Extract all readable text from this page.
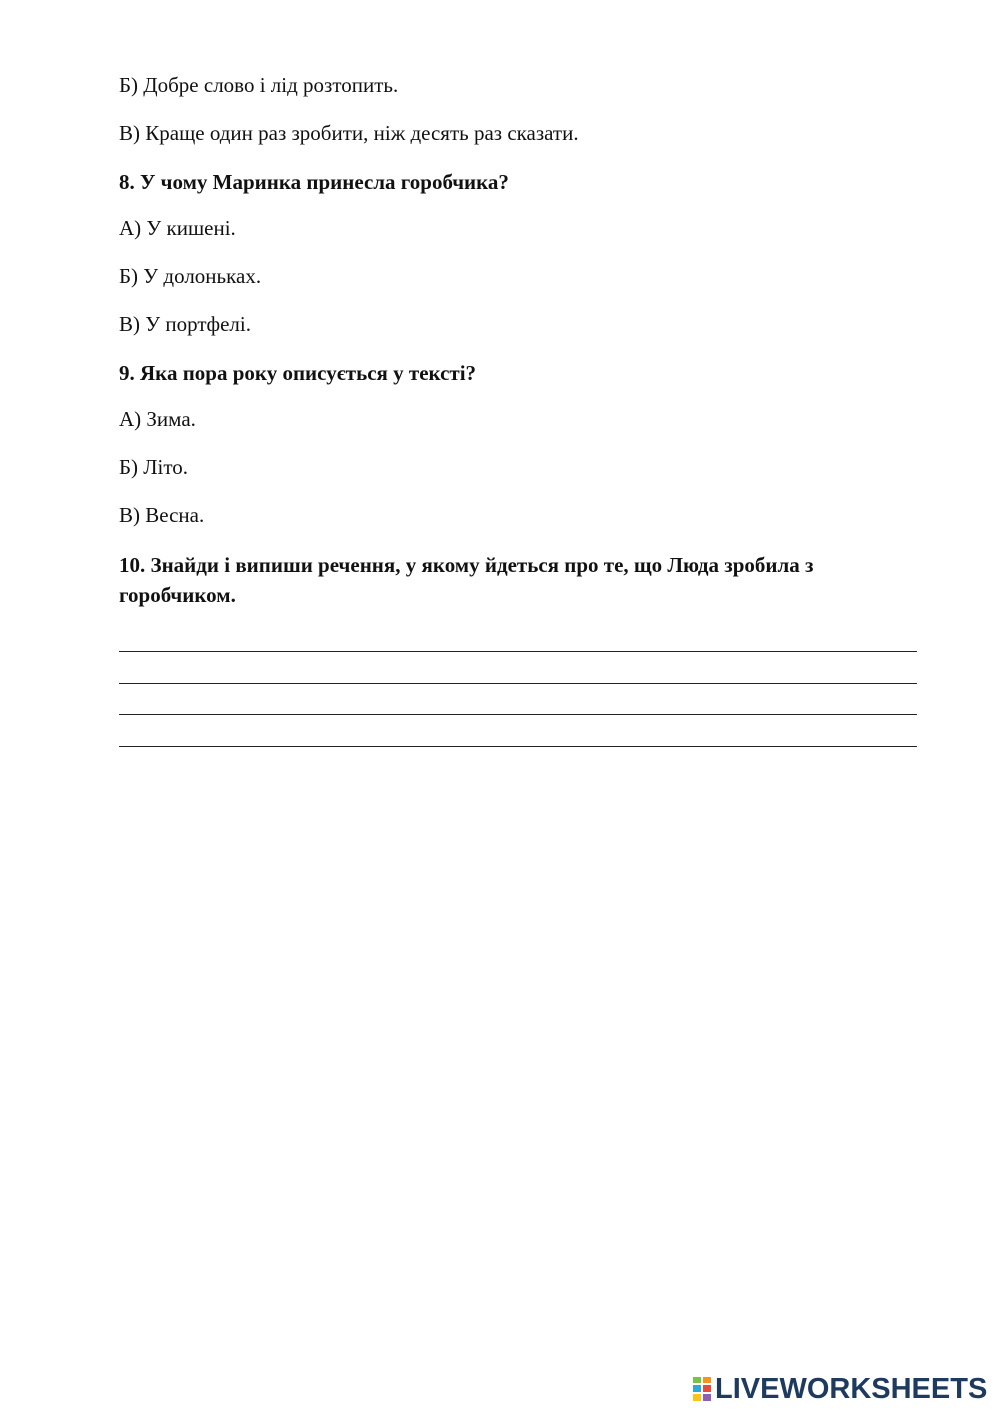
Б) Добре слово і лід розтопить.
В) Краще один раз зробити, ніж десять раз сказати.
8. У чому Маринка принесла горобчика?
А) У кишені.
Б) У долоньках.
В) У портфелі.
9. Яка пора року описується у тексті?
А) Зима.
Б) Літо.
В) Весна.
10. Знайди і випиши речення, у якому йдеться про те, що Люда зробила з горобчиком.
LIVEWORKSHEETS
